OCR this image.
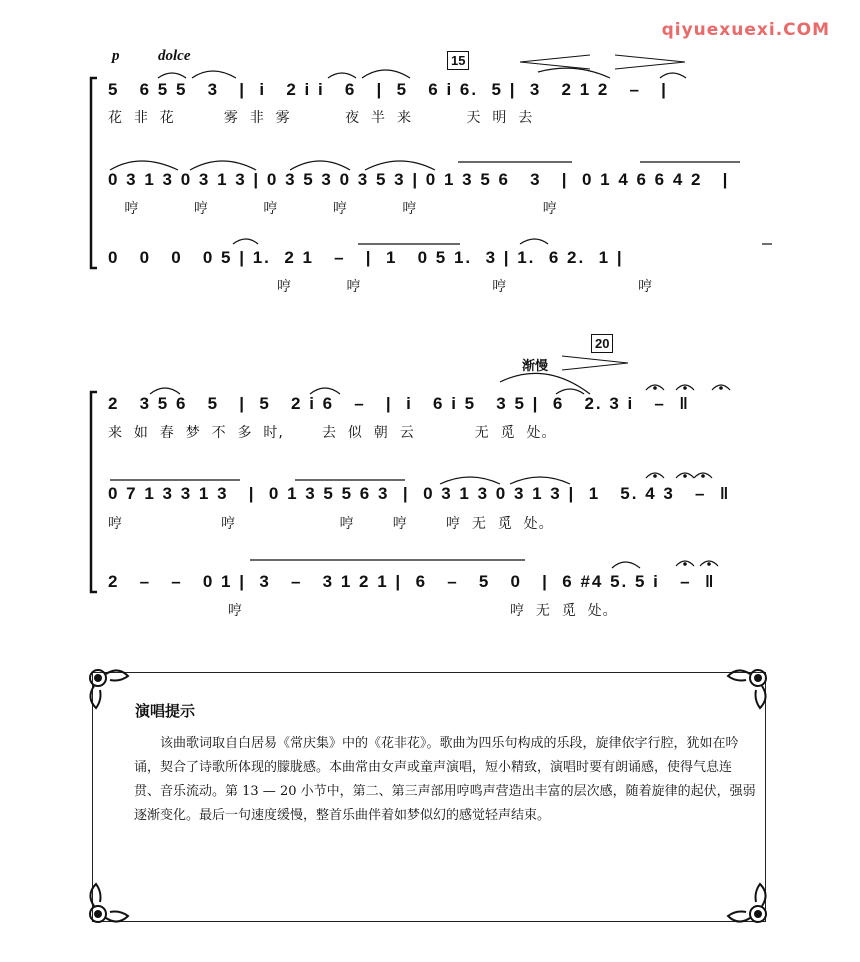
qiyuexuexi.COM
p	dolce	15
渐慢
20
5   6 5 5   3   |  i   2 i i   6   |  5   6 i 6.  5 |  3   2 1 2   –   |
花  非  花         雾  非  雾          夜  半  来          天  明  去
0 3 1 3 0 3 1 3 | 0 3 5 3 0 3 5 3 | 0 1 3 5 6   3   |  0 1 4 6 6 4 2   |
哼          哼          哼          哼          哼                       哼
0   0   0   0 5 | 1.  2 1   –   |  1   0 5 1.  3 | 1.  6 2.  1 |
哼          哼                        哼                        哼
2   3 5 6   5   |  5   2 i 6   –   |  i   6 i 5   3 5 |  6   2. 3 i   –  ‖
来  如  春  梦  不  多  时,       去  似  朝  云           无  觅  处。
0 7 1 3 3 1 3   |  0 1 3 5 5 6 3  |  0 3 1 3 0 3 1 3 |  1   5. 4 3   –  ‖
哼                  哼                   哼       哼       哼  无  觅  处。
2   –   –   0 1 |  3   –   3 1 2 1 |  6   –   5   0   |  6 #4 5. 5 i   –  ‖
哼                                                 哼  无  觅  处。
演唱提示
该曲歌词取自白居易《常庆集》中的《花非花》。歌曲为四乐句构成的乐段，旋律依字行腔，犹如在吟诵，契合了诗歌所体现的朦胧感。本曲常由女声或童声演唱，短小精致，演唱时要有朗诵感，使得气息连贯、音乐流动。第 13 — 20 小节中，第二、第三声部用哼鸣声营造出丰富的层次感，随着旋律的起伏，强弱逐渐变化。最后一句速度缓慢，整首乐曲伴着如梦似幻的感觉轻声结束。
